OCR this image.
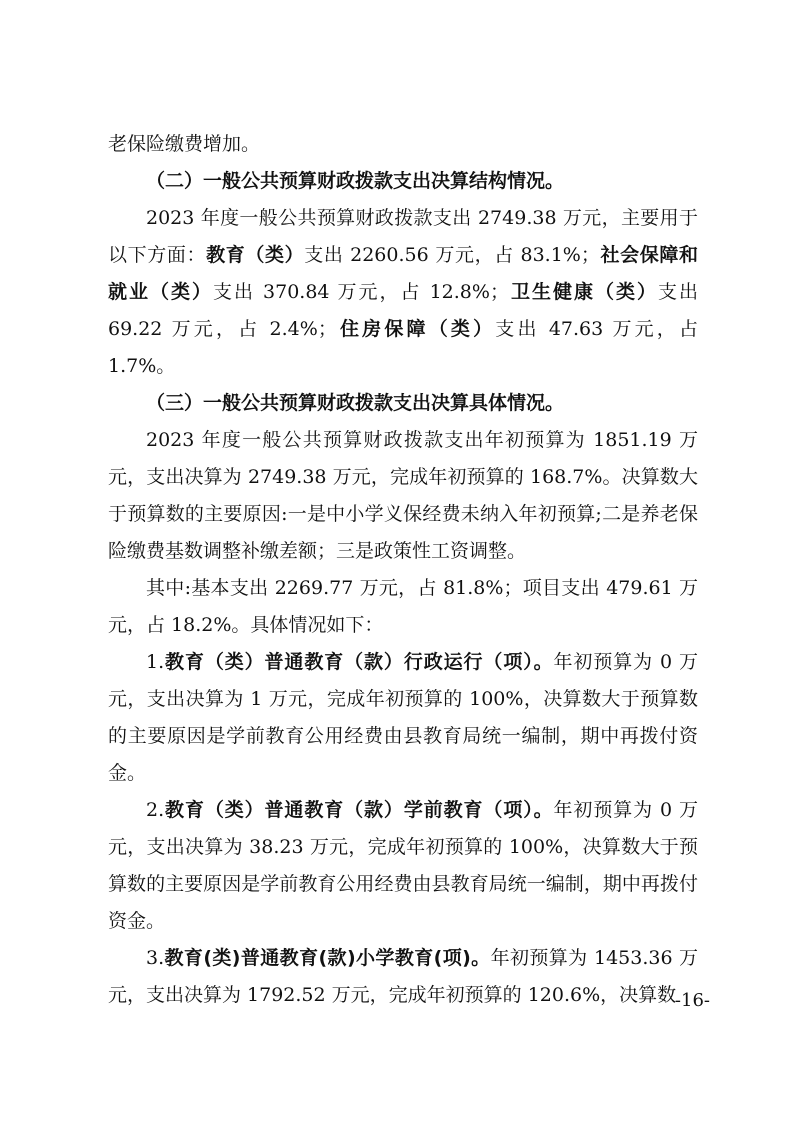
老保险缴费增加。

（二）一般公共预算财政拨款支出决算结构情况。

2023 年度一般公共预算财政拨款支出 2749.38 万元，主要用于以下方面：教育（类）支出 2260.56 万元，占 83.1%；社会保障和就业（类）支出 370.84 万元，占 12.8%；卫生健康（类）支出 69.22 万元，占 2.4%；住房保障（类）支出 47.63 万元，占 1.7%。

（三）一般公共预算财政拨款支出决算具体情况。

2023 年度一般公共预算财政拨款支出年初预算为 1851.19 万元，支出决算为 2749.38 万元，完成年初预算的 168.7%。决算数大于预算数的主要原因:一是中小学义保经费未纳入年初预算;二是养老保险缴费基数调整补缴差额；三是政策性工资调整。

其中:基本支出 2269.77 万元，占 81.8%；项目支出 479.61 万元，占 18.2%。具体情况如下：

1.教育（类）普通教育（款）行政运行（项）。年初预算为 0 万元，支出决算为 1 万元，完成年初预算的 100%，决算数大于预算数的主要原因是学前教育公用经费由县教育局统一编制，期中再拨付资金。

2.教育（类）普通教育（款）学前教育（项）。年初预算为 0 万元，支出决算为 38.23 万元，完成年初预算的 100%，决算数大于预算数的主要原因是学前教育公用经费由县教育局统一编制，期中再拨付资金。

3.教育(类)普通教育(款)小学教育(项)。年初预算为 1453.36 万元，支出决算为 1792.52 万元，完成年初预算的 120.6%，决算数

-16-
